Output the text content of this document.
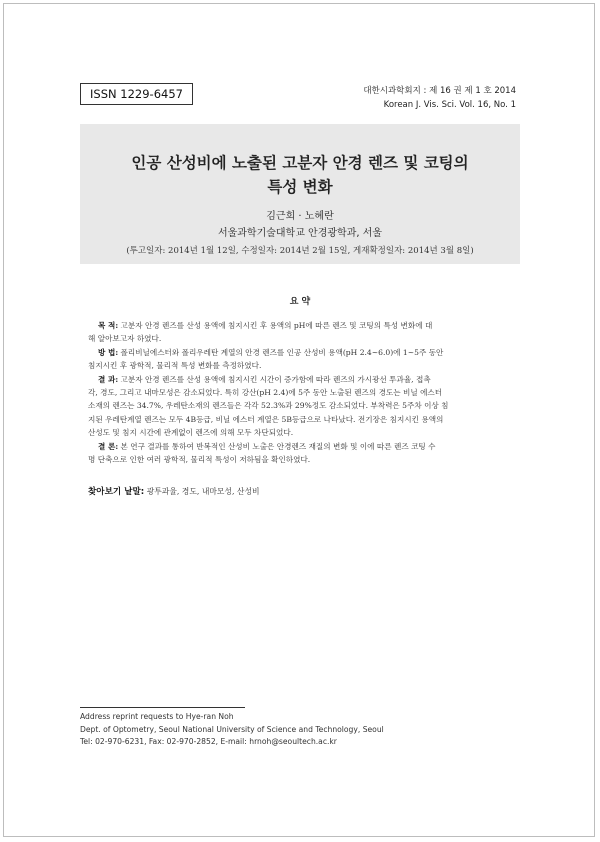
ISSN 1229-6457	대한시과학회지 : 제 16 권 제 1 호 2014
Korean J. Vis. Sci. Vol. 16, No. 1
인공 산성비에 노출된 고분자 안경 렌즈 및 코팅의
특성 변화
김근희 · 노혜란
서울과학기술대학교 안경광학과, 서울
(투고일자: 2014년 1월 12일, 수정일자: 2014년 2월 15일, 게재확정일자: 2014년 3월 8일)
요 약
목 적: 고분자 안경 렌즈를 산성 용액에 침지시킨 후 용액의 pH에 따른 렌즈 및 코팅의 특성 변화에 대
해 알아보고자 하였다.
방 법: 폴리비닐에스터와 폴리우레탄 계열의 안경 렌즈를 인공 산성비 용액(pH 2.4~6.0)에 1~5주 동안
침지시킨 후 광학적, 물리적 특성 변화를 측정하였다.
결 과: 고분자 안경 렌즈를 산성 용액에 침지시킨 시간이 증가함에 따라 렌즈의 가시광선 투과율, 접촉
각, 경도, 그리고 내마모성은 감소되었다. 특히 강산(pH 2.4)에 5주 동안 노출된 렌즈의 경도는 비닐 에스터
소재의 렌즈는 34.7%, 우레탄소재의 렌즈들은 각각 52.3%과 29%정도 감소되었다. 부착력은 5주차 이상 침
지된 우레탄계열 렌즈는 모두 4B등급, 비닐 에스터 계열은 5B등급으로 나타났다. 전기장은 침지시킨 용액의
산성도 및 침지 시간에 관계없이 렌즈에 의해 모두 차단되었다.
결 론: 본 연구 결과를 통하여 반복적인 산성비 노출은 안경렌즈 재질의 변화 및 이에 따른 렌즈 코팅 수
명 단축으로 인한 여러 광학적, 물리적 특성이 저하됨을 확인하였다.
찾아보기 낱말: 광투과율, 경도, 내마모성, 산성비
Address reprint requests to Hye-ran Noh
Dept. of Optometry, Seoul National University of Science and Technology, Seoul
Tel: 02-970-6231, Fax: 02-970-2852, E-mail: hrnoh@seoultech.ac.kr
